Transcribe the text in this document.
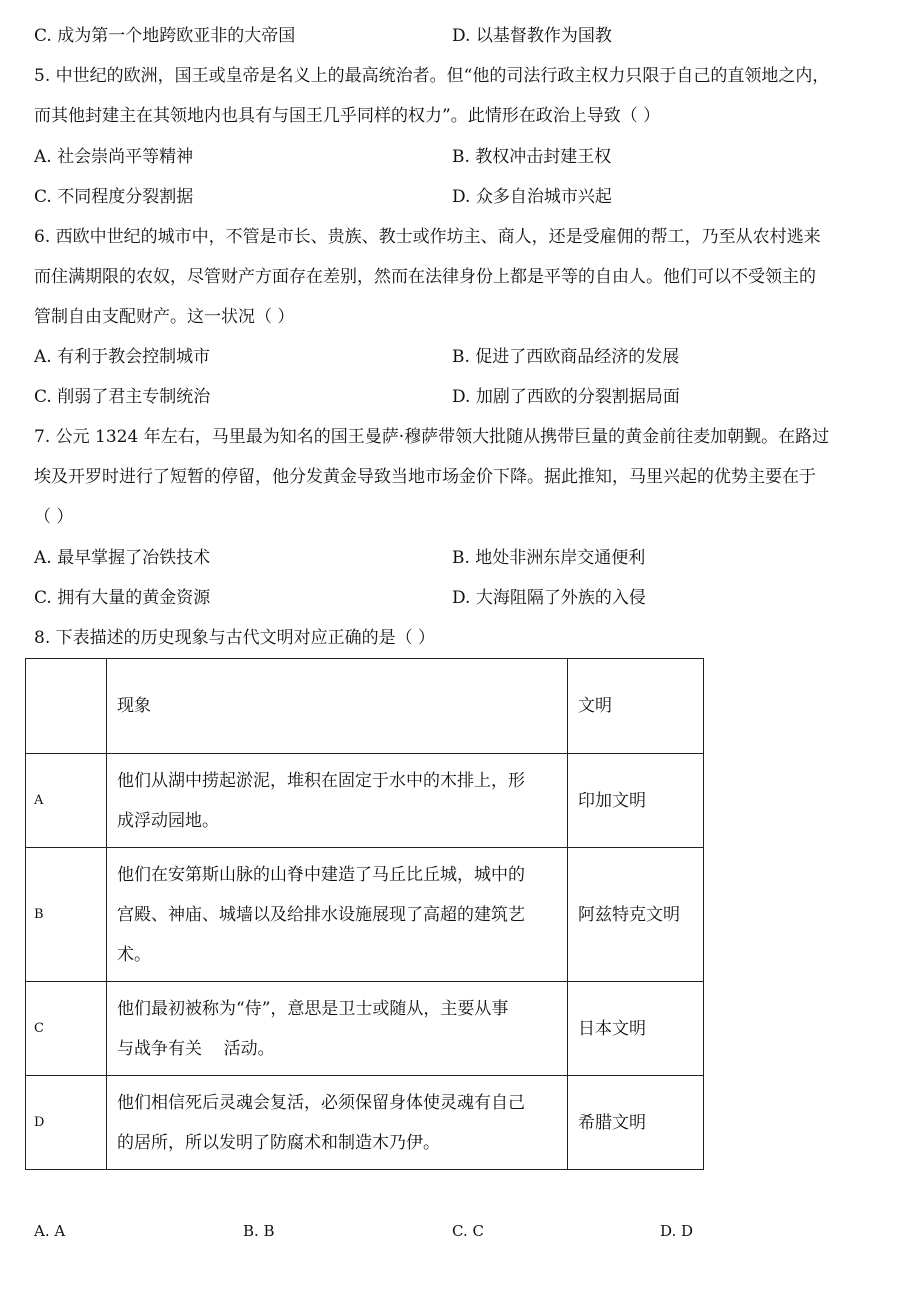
C. 成为第一个地跨欧亚非的大帝国	D. 以基督教作为国教
5. 中世纪的欧洲，国王或皇帝是名义上的最高统治者。但“他的司法行政主权力只限于自己的直领地之内，
而其他封建主在其领地内也具有与国王几乎同样的权力”。此情形在政治上导致（ ）
A. 社会崇尚平等精神	B. 教权冲击封建王权
C. 不同程度分裂割据	D. 众多自治城市兴起
6. 西欧中世纪的城市中，不管是市长、贵族、教士或作坊主、商人，还是受雇佣的帮工，乃至从农村逃来
而住满期限的农奴，尽管财产方面存在差别，然而在法律身份上都是平等的自由人。他们可以不受领主的
管制自由支配财产。这一状况（ ）
A. 有利于教会控制城市	B. 促进了西欧商品经济的发展
C. 削弱了君主专制统治	D. 加剧了西欧的分裂割据局面
7. 公元 1324 年左右，马里最为知名的国王曼萨·穆萨带领大批随从携带巨量的黄金前往麦加朝觐。在路过
埃及开罗时进行了短暂的停留，他分发黄金导致当地市场金价下降。据此推知，马里兴起的优势主要在于
（ ）
A. 最早掌握了冶铁技术	B. 地处非洲东岸交通便利
C. 拥有大量的黄金资源	D. 大海阻隔了外族的入侵
8. 下表描述的历史现象与古代文明对应正确的是（ ）
	现象	文明
A	他们从湖中捞起淤泥，堆积在固定于水中的木排上，形
成浮动园地。	印加文明
B	他们在安第斯山脉的山脊中建造了马丘比丘城，城中的
宫殿、神庙、城墙以及给排水设施展现了高超的建筑艺
术。	阿兹特克文明
C	他们最初被称为“侍”，意思是卫士或随从，主要从事
与战争有关    活动。	日本文明
D	他们相信死后灵魂会复活，必须保留身体使灵魂有自己
的居所，所以发明了防腐术和制造木乃伊。	希腊文明
A. A	B. B	C. C	D. D
